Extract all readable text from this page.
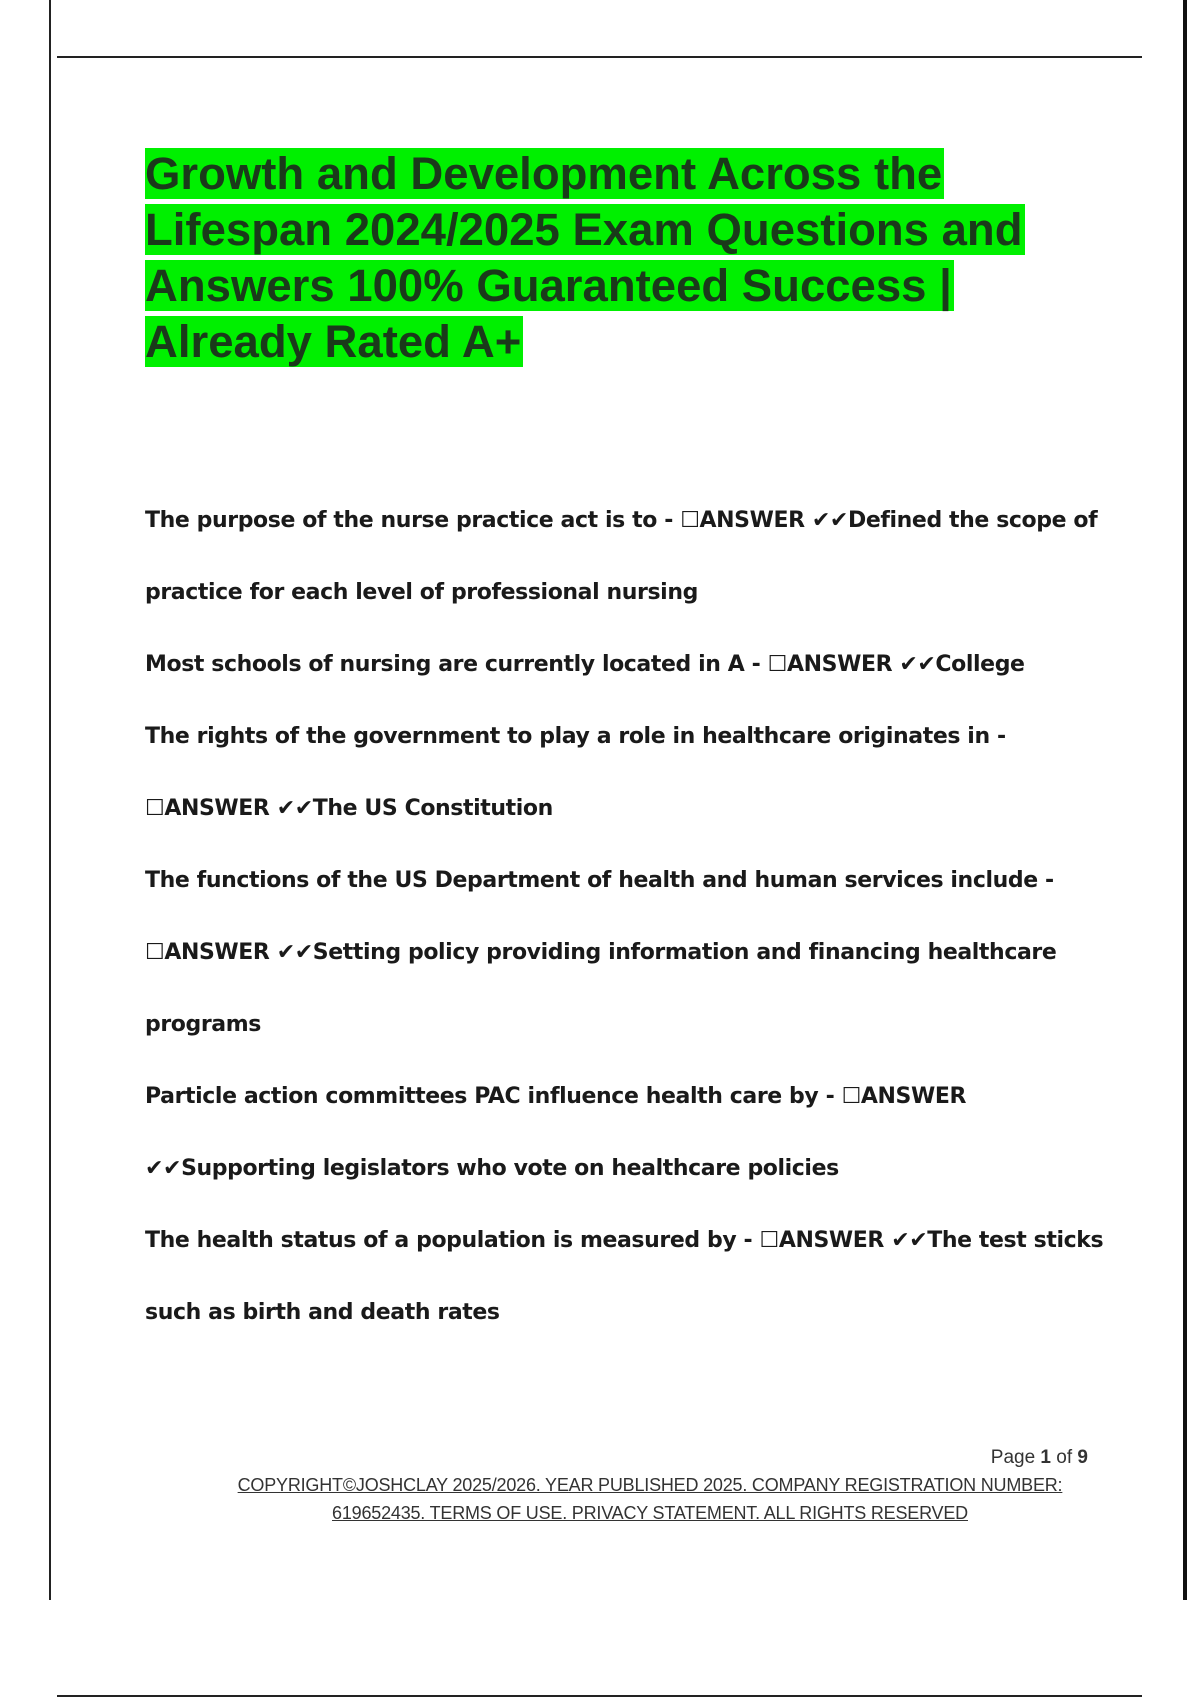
Growth and Development Across the
Lifespan 2024/2025 Exam Questions and
Answers 100% Guaranteed Success |
Already Rated A+
The purpose of the nurse practice act is to - ☐ANSWER ✔✔Defined the scope of
practice for each level of professional nursing
Most schools of nursing are currently located in A - ☐ANSWER ✔✔College
The rights of the government to play a role in healthcare originates in -
☐ANSWER ✔✔The US Constitution
The functions of the US Department of health and human services include -
☐ANSWER ✔✔Setting policy providing information and financing healthcare
programs
Particle action committees PAC influence health care by - ☐ANSWER
✔✔Supporting legislators who vote on healthcare policies
The health status of a population is measured by - ☐ANSWER ✔✔The test sticks
such as birth and death rates
Page 1 of 9
COPYRIGHT©JOSHCLAY 2025/2026. YEAR PUBLISHED 2025. COMPANY REGISTRATION NUMBER:
619652435. TERMS OF USE. PRIVACY STATEMENT. ALL RIGHTS RESERVED
